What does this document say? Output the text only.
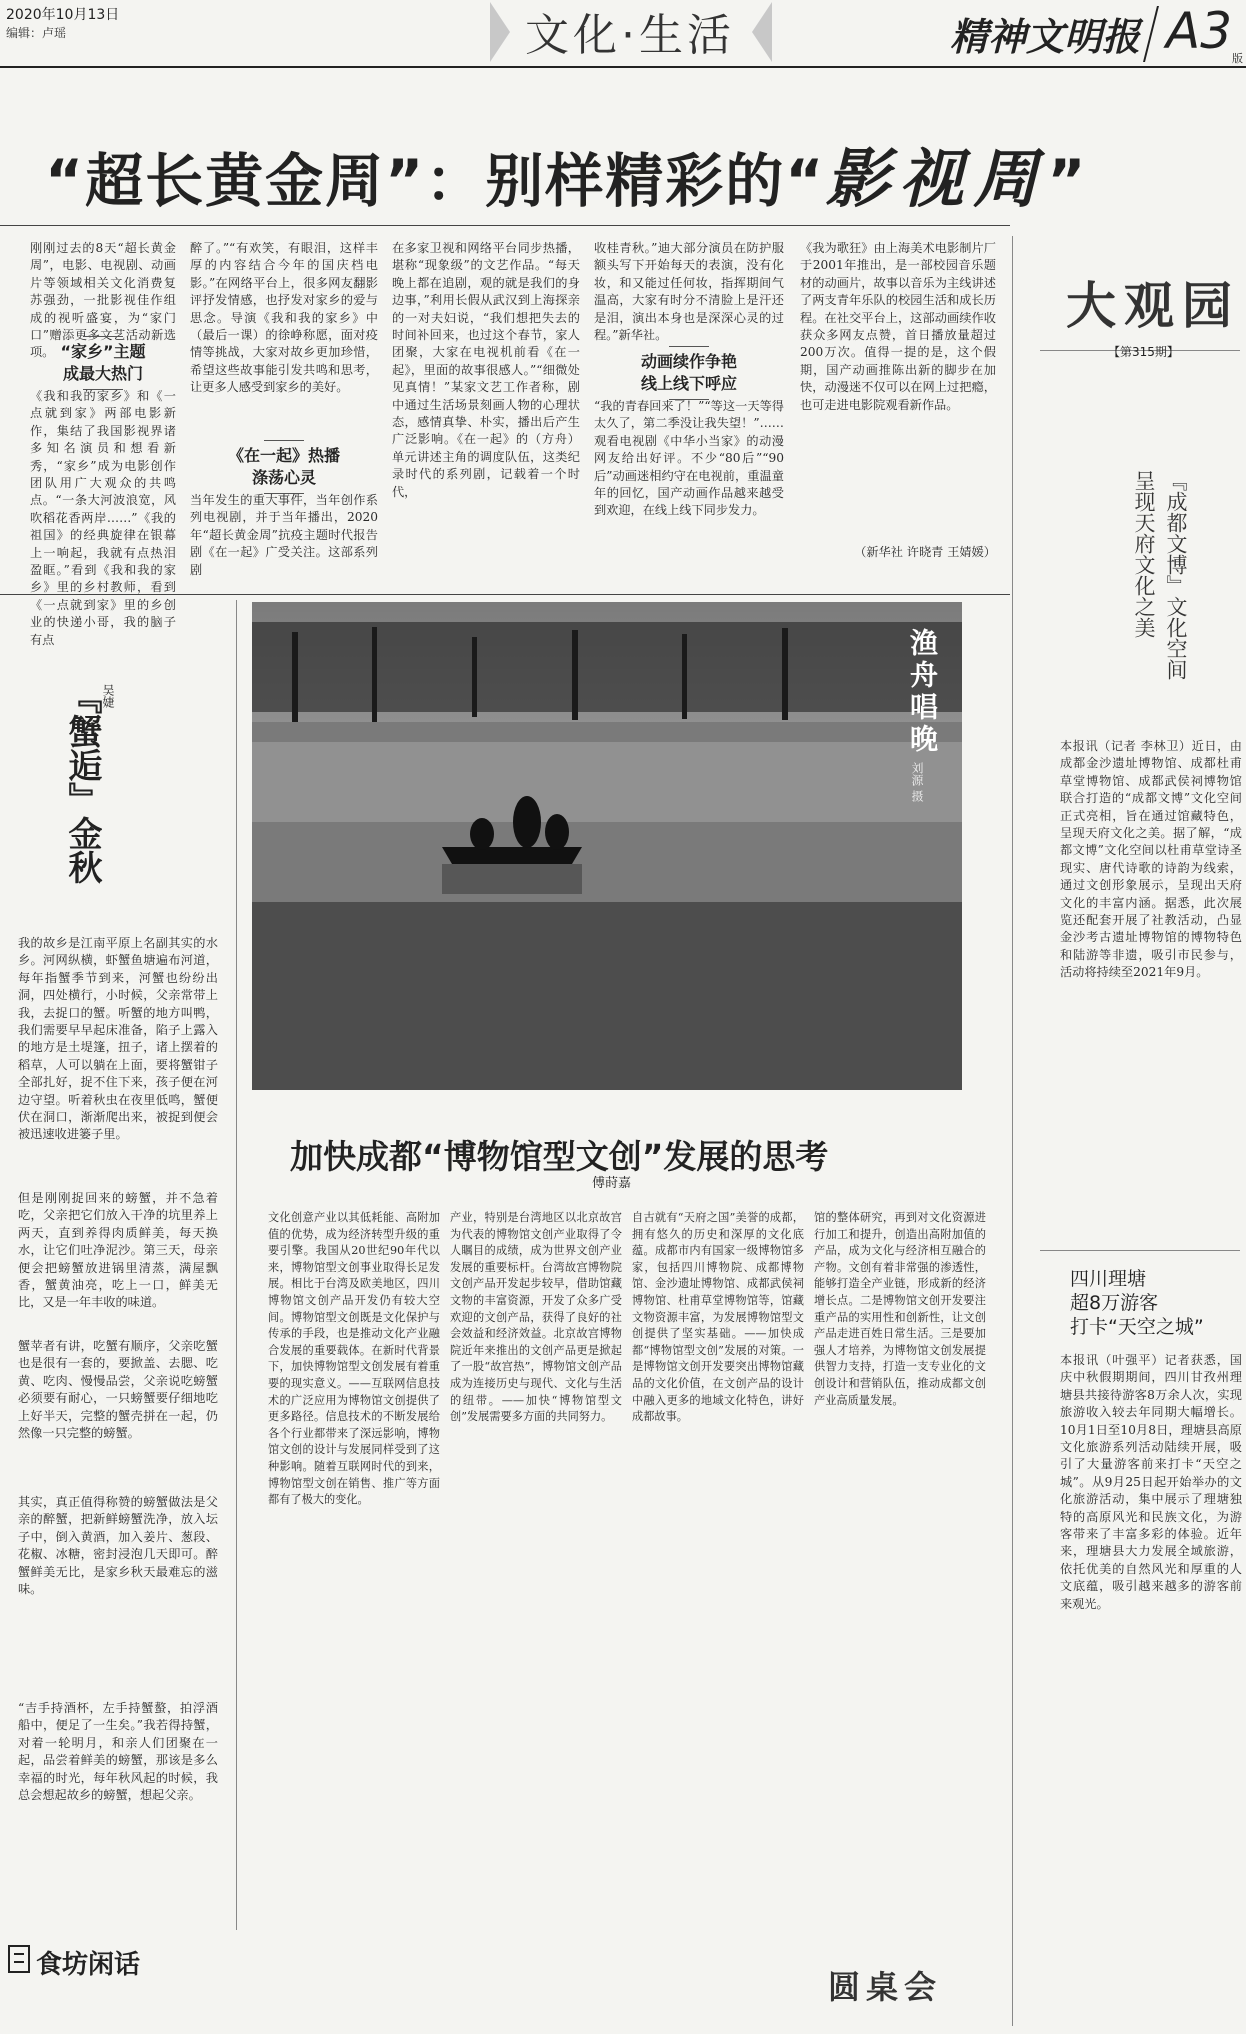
2020年10月13日
编辑：卢瑶	文化·生活	精神文明报 A3 版
“超长黄金周”：别样精彩的“影视周”
刚刚过去的8天“超长黄金周”，电影、电视剧、动画片等领域相关文化消费复苏强劲，一批影视佳作组成的视听盛宴，为“家门口”赠添更多文艺活动新选项。 “家乡”主题
成最大热门
《我和我的家乡》和《一点就到家》两部电影新作，集结了我国影视界诸多知名演员和想看新秀，“家乡”成为电影创作团队用广大观众的共鸣点。“一条大河波浪宽，风吹稻花香两岸……”《我的祖国》的经典旋律在银幕上一响起，我就有点热泪盈眶。”看到《我和我的家乡》里的乡村教师，看到《一点就到家》里的乡创业的快递小哥，我的脑子有点
醉了。”“有欢笑，有眼泪，这样丰厚的内容结合今年的国庆档电影。”在网络平台上，很多网友翻影评抒发情感，也抒发对家乡的爱与思念。导演《我和我的家乡》中（最后一课）的徐峥称愿，面对疫情等挑战，大家对故乡更加珍惜，希望这些故事能引发共鸣和思考，让更多人感受到家乡的美好。
《在一起》热播
涤荡心灵
当年发生的重大事件，当年创作系列电视剧，并于当年播出，2020年“超长黄金周”抗疫主题时代报告剧《在一起》广受关注。这部系列剧
在多家卫视和网络平台同步热播，堪称“现象级”的文艺作品。“每天晚上都在追剧，观的就是我们的身边事，”利用长假从武汉到上海探亲的一对夫妇说，“我们想把失去的时间补回来，也过这个春节，家人团聚，大家在电视机前看《在一起》，里面的故事很感人。”“细微处见真情！”某家文艺工作者称，剧中通过生活场景刻画人物的心理状态，感情真挚、朴实，播出后产生广泛影响。《在一起》的（方舟）单元讲述主角的调度队伍，这类纪录时代的系列剧，记载着一个时代，
收桂青秋。”迪大部分演员在防护服额头写下开始每天的表演，没有化妆，和又能过任何妆，指挥期间气温高，大家有时分不清脸上是汗还是泪，演出本身也是深深心灵的过程。”新华社。
动画续作争艳
线上线下呼应
“我的青春回来了！”“等这一天等得太久了，第二季没让我失望！”……观看电视剧《中华小当家》的动漫网友给出好评。不少“80后”“90后”动画迷相约守在电视前，重温童年的回忆，国产动画作品越来越受到欢迎，在线上线下同步发力。
《我为歌狂》由上海美术电影制片厂于2001年推出，是一部校园音乐题材的动画片，故事以音乐为主线讲述了两支青年乐队的校园生活和成长历程。在社交平台上，这部动画续作收获众多网友点赞，首日播放量超过200万次。值得一提的是，这个假期，国产动画推陈出新的脚步在加快，动漫迷不仅可以在网上过把瘾，也可走进电影院观看新作品。
（新华社 许晓青 王婧媛）
渔舟唱晚
刘源 摄
『蟹逅』金秋 吴婕
我的故乡是江南平原上名副其实的水乡。河网纵横，虾蟹鱼塘遍布河道，每年指蟹季节到来，河蟹也纷纷出洞，四处横行，小时候，父亲常带上我，去捉口的蟹。听蟹的地方叫鸭，我们需要早早起床准备，陷子上露入的地方是土堤篷，扭子，诸上摆着的稻草，人可以躺在上面，要将蟹钳子全部扎好，捉不住下来，孩子便在河边守望。听着秋虫在夜里低鸣，蟹便伏在洞口，渐渐爬出来，被捉到便会被迅速收进篓子里。
但是刚刚捉回来的螃蟹，并不急着吃，父亲把它们放入干净的坑里养上两天，直到养得肉质鲜美，每天换水，让它们吐净泥沙。第三天，母亲便会把螃蟹放进锅里清蒸，满屋飘香，蟹黄油亮，吃上一口，鲜美无比，又是一年丰收的味道。
蟹苹者有讲，吃蟹有顺序，父亲吃蟹也是很有一套的，要掀盖、去腮、吃黄、吃肉、慢慢品尝，父亲说吃螃蟹必须要有耐心，一只螃蟹要仔细地吃上好半天，完整的蟹壳拼在一起，仍然像一只完整的螃蟹。
其实，真正值得称赞的螃蟹做法是父亲的醉蟹，把新鲜螃蟹洗净，放入坛子中，倒入黄酒，加入姜片、葱段、花椒、冰糖，密封浸泡几天即可。醉蟹鲜美无比，是家乡秋天最难忘的滋味。
“吉手持酒杯，左手持蟹螯，拍浮酒船中，便足了一生矣。”我若得持蟹，对着一轮明月，和亲人们团聚在一起，品尝着鲜美的螃蟹，那该是多么幸福的时光，每年秋风起的时候，我总会想起故乡的螃蟹，想起父亲。
加快成都“博物馆型文创”发展的思考
傅莳嘉
文化创意产业以其低耗能、高附加值的优势，成为经济转型升级的重要引擎。我国从20世纪90年代以来，博物馆型文创事业取得长足发展。相比于台湾及欧美地区，四川博物馆文创产品开发仍有较大空间。博物馆型文创既是文化保护与传承的手段，也是推动文化产业融合发展的重要载体。在新时代背景下，加快博物馆型文创发展有着重要的现实意义。——互联网信息技术的广泛应用为博物馆文创提供了更多路径。信息技术的不断发展给各个行业都带来了深远影响，博物馆文创的设计与发展同样受到了这种影响。随着互联网时代的到来，博物馆型文创在销售、推广等方面都有了极大的变化。
产业，特别是台湾地区以北京故宫为代表的博物馆文创产业取得了令人瞩目的成绩，成为世界文创产业发展的重要标杆。台湾故宫博物院文创产品开发起步较早，借助馆藏文物的丰富资源，开发了众多广受欢迎的文创产品，获得了良好的社会效益和经济效益。北京故宫博物院近年来推出的文创产品更是掀起了一股“故宫热”，博物馆文创产品成为连接历史与现代、文化与生活的纽带。——加快“博物馆型文创”发展需要多方面的共同努力。
自古就有“天府之国”美誉的成都，拥有悠久的历史和深厚的文化底蕴。成都市内有国家一级博物馆多家，包括四川博物院、成都博物馆、金沙遗址博物馆、成都武侯祠博物馆、杜甫草堂博物馆等，馆藏文物资源丰富，为发展博物馆型文创提供了坚实基础。——加快成都“博物馆型文创”发展的对策。一是博物馆文创开发要突出博物馆藏品的文化价值，在文创产品的设计中融入更多的地域文化特色，讲好成都故事。
馆的整体研究，再到对文化资源进行加工和提升，创造出高附加值的产品，成为文化与经济相互融合的产物。文创有着非常强的渗透性，能够打造全产业链，形成新的经济增长点。二是博物馆文创开发要注重产品的实用性和创新性，让文创产品走进百姓日常生活。三是要加强人才培养，为博物馆文创发展提供智力支持，打造一支专业化的文创设计和营销队伍，推动成都文创产业高质量发展。
大观园
【第315期】
『成都文博』文化空间
呈现天府文化之美
本报讯（记者 李林卫）近日，由成都金沙遗址博物馆、成都杜甫草堂博物馆、成都武侯祠博物馆联合打造的“成都文博”文化空间正式亮相，旨在通过馆藏特色，呈现天府文化之美。据了解，“成都文博”文化空间以杜甫草堂诗圣现实、唐代诗歌的诗韵为线索，通过文创形象展示，呈现出天府文化的丰富内涵。据悉，此次展览还配套开展了社教活动，凸显金沙考古遗址博物馆的博物特色和陆游等非遗，吸引市民参与，活动将持续至2021年9月。
四川理塘
超8万游客
打卡“天空之城”
本报讯（叶强平）记者获悉，国庆中秋假期期间，四川甘孜州理塘县共接待游客8万余人次，实现旅游收入较去年同期大幅增长。10月1日至10月8日，理塘县高原文化旅游系列活动陆续开展，吸引了大量游客前来打卡“天空之城”。从9月25日起开始举办的文化旅游活动，集中展示了理塘独特的高原风光和民族文化，为游客带来了丰富多彩的体验。近年来，理塘县大力发展全域旅游，依托优美的自然风光和厚重的人文底蕴，吸引越来越多的游客前来观光。
食坊闲话
圆桌会
